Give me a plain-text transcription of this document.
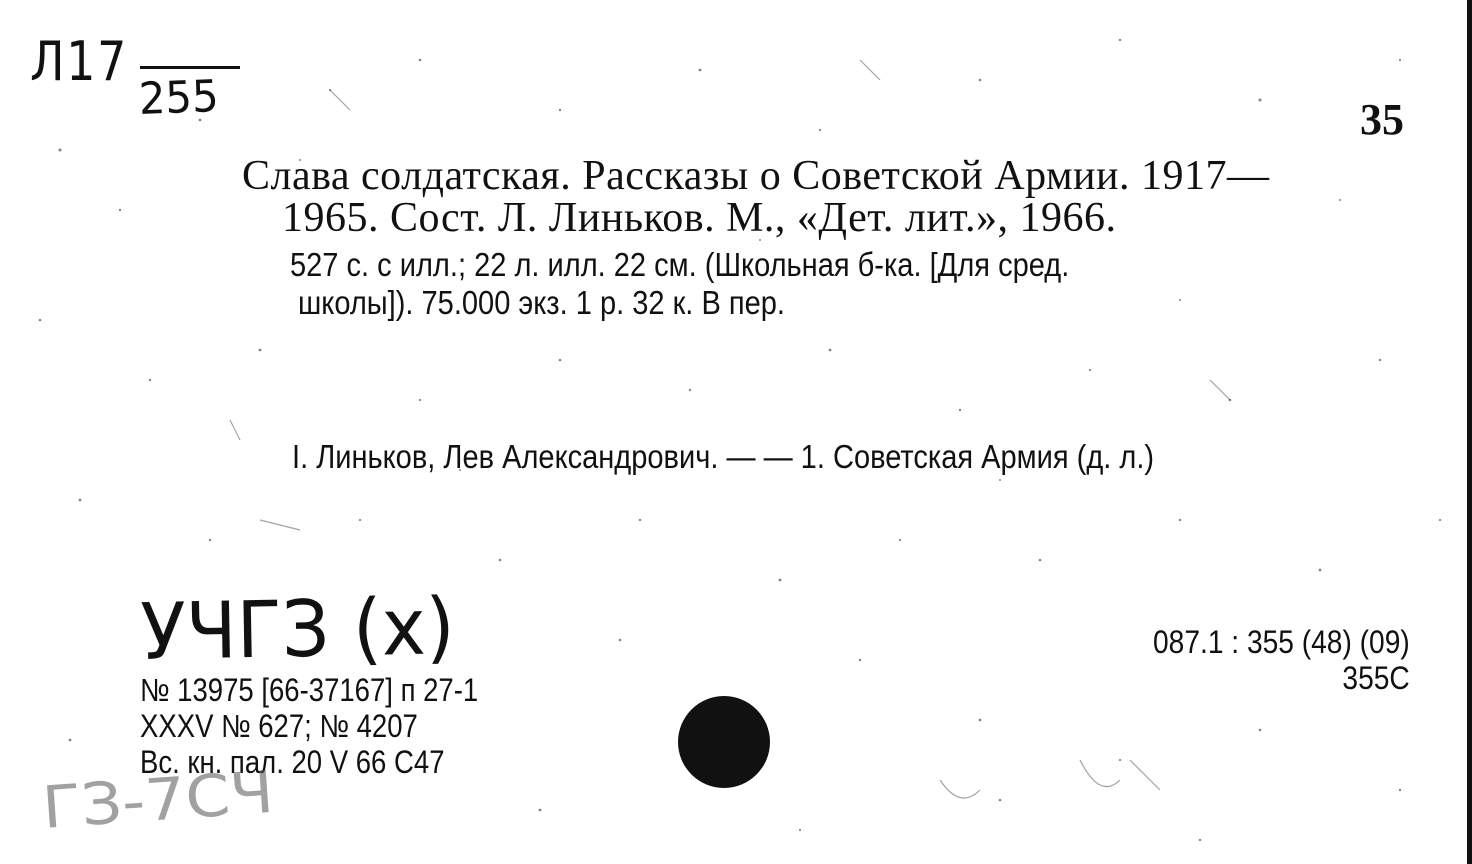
Л17
255	35
Слава солдатская. Рассказы о Советской Армии. 1917—
1965. Сост. Л. Линьков. М., «Дет. лит.», 1966.
527 с. с илл.; 22 л. илл. 22 см. (Школьная б-ка. [Для сред.
школы]). 75.000 экз. 1 р. 32 к. В пер.
I. Линьков, Лев Александрович. — — 1. Советская Армия (д. л.)
УЧГЗ (х)
№ 13975 [66-37167] п 27-1
XXXV № 627; № 4207
Вс. кн. пал. 20 V 66 С47
087.1 : 355 (48) (09)
355С
ГЗ-7СЧ
